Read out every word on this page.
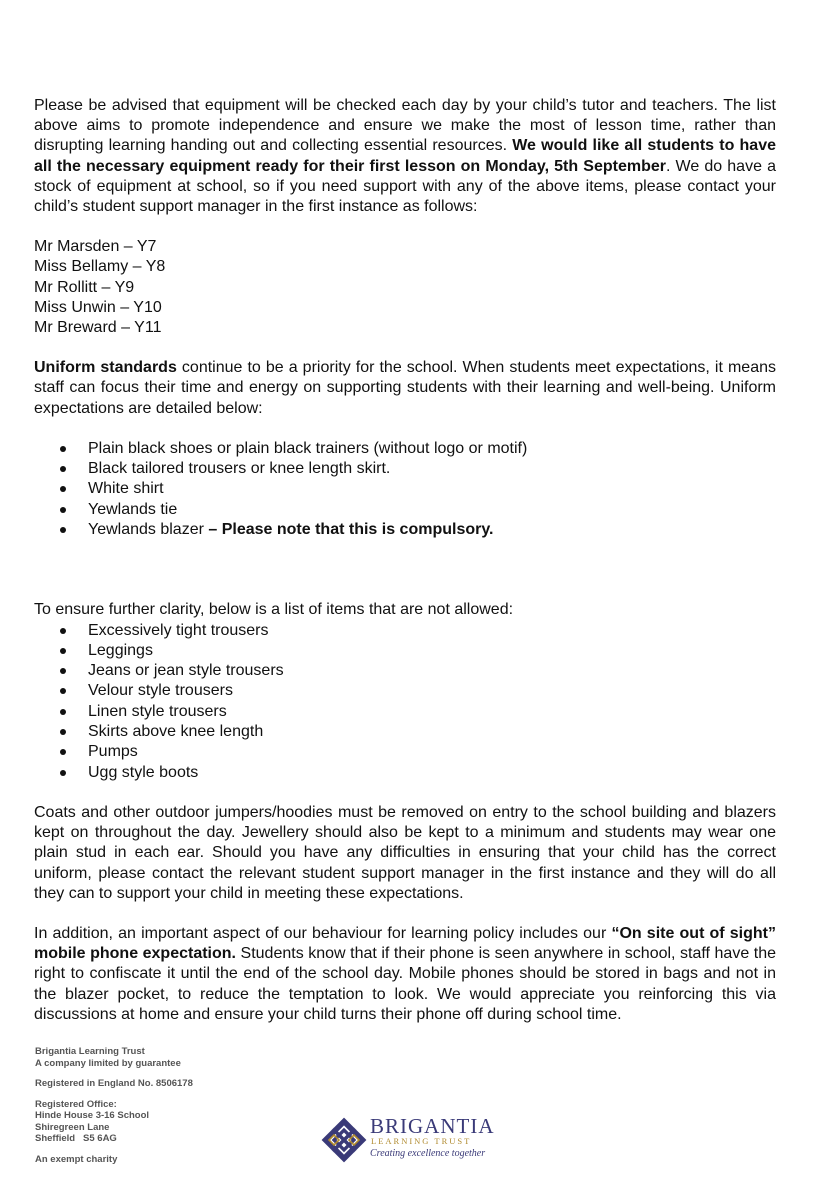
Please be advised that equipment will be checked each day by your child’s tutor and teachers. The list above aims to promote independence and ensure we make the most of lesson time, rather than disrupting learning handing out and collecting essential resources. We would like all students to have all the necessary equipment ready for their first lesson on Monday, 5th September. We do have a stock of equipment at school, so if you need support with any of the above items, please contact your child’s student support manager in the first instance as follows:

Mr Marsden – Y7

Miss Bellamy – Y8

Mr Rollitt – Y9

Miss Unwin – Y10

Mr Breward – Y11

Uniform standards continue to be a priority for the school. When students meet expectations, it means staff can focus their time and energy on supporting students with their learning and well-being. Uniform expectations are detailed below:

Plain black shoes or plain black trainers (without logo or motif)
Black tailored trousers or knee length skirt.
White shirt
Yewlands tie
Yewlands blazer – Please note that this is compulsory.

To ensure further clarity, below is a list of items that are not allowed:

Excessively tight trousers
Leggings
Jeans or jean style trousers
Velour style trousers
Linen style trousers
Skirts above knee length
Pumps
Ugg style boots

Coats and other outdoor jumpers/hoodies must be removed on entry to the school building and blazers kept on throughout the day. Jewellery should also be kept to a minimum and students may wear one plain stud in each ear. Should you have any difficulties in ensuring that your child has the correct uniform, please contact the relevant student support manager in the first instance and they will do all they can to support your child in meeting these expectations.

In addition, an important aspect of our behaviour for learning policy includes our “On site out of sight” mobile phone expectation. Students know that if their phone is seen anywhere in school, staff have the right to confiscate it until the end of the school day. Mobile phones should be stored in bags and not in the blazer pocket, to reduce the temptation to look. We would appreciate you reinforcing this via discussions at home and ensure your child turns their phone off during school time.

Brigantia Learning Trust
A company limited by guarantee
Registered in England No. 8506178
Registered Office:
Hinde House 3-16 School
Shiregreen Lane
Sheffield   S5 6AG
An exempt charity
BRIGANTIA
LEARNING TRUST
Creating excellence together
